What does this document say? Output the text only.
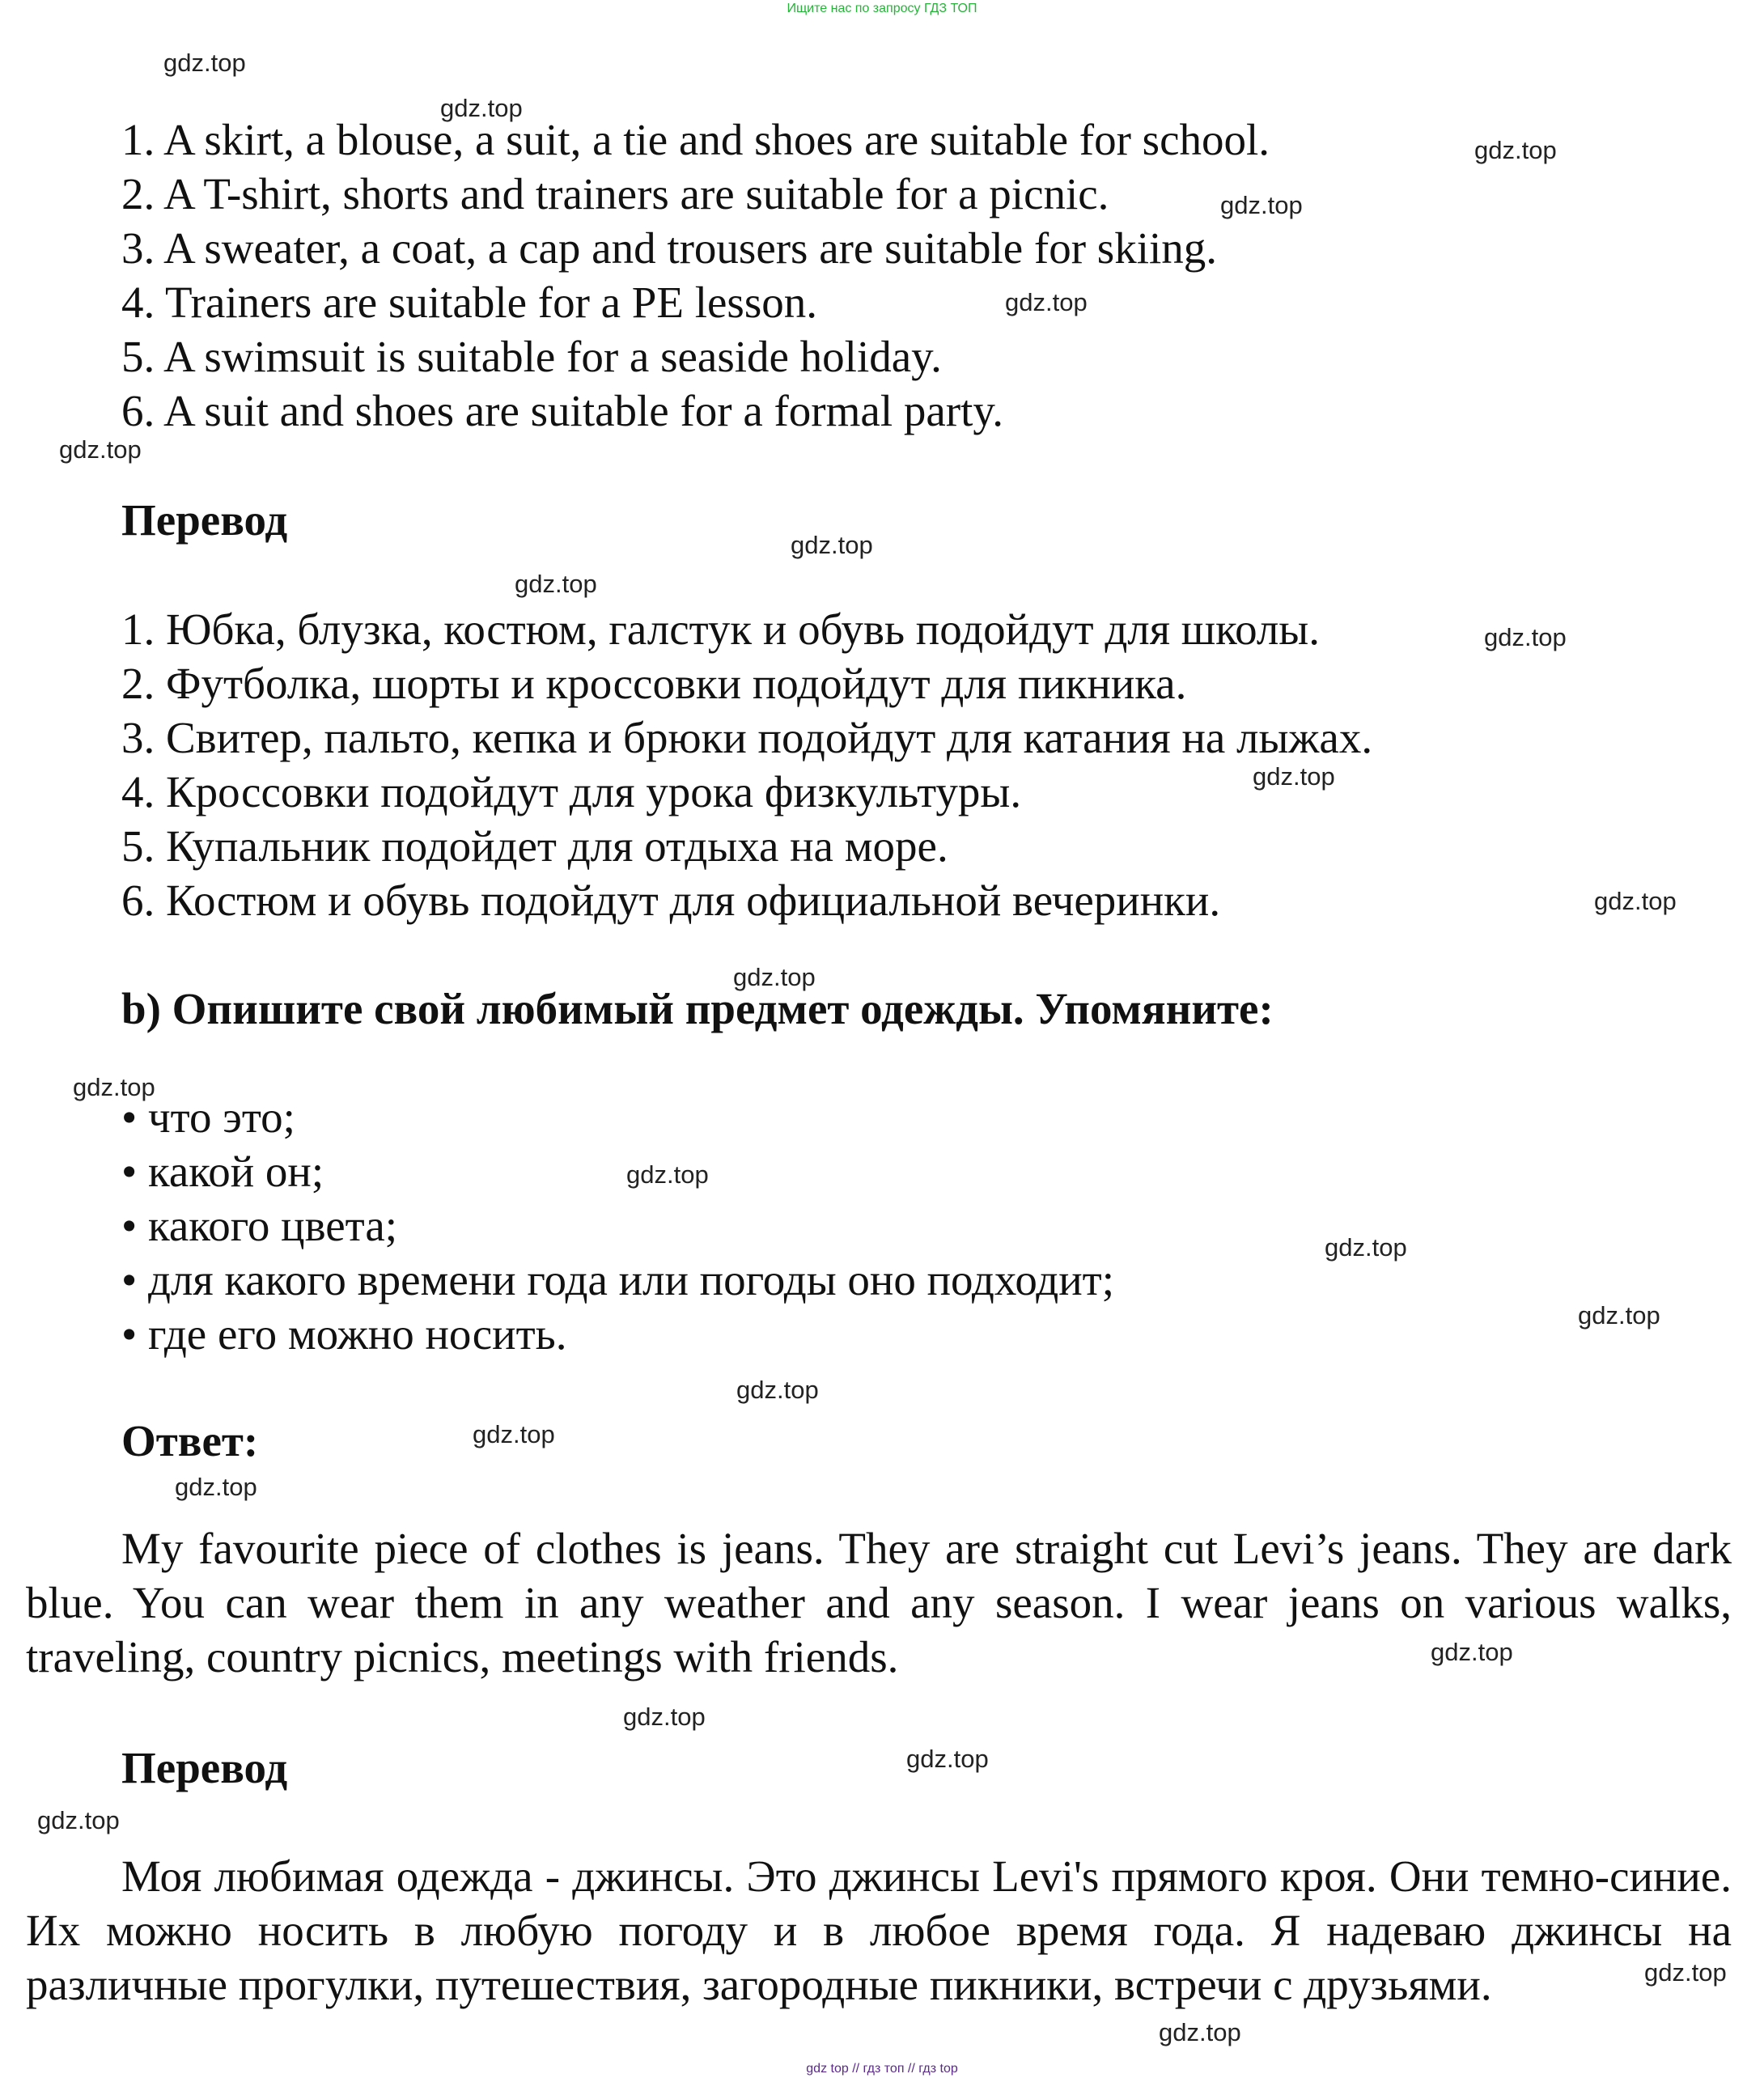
Ищите нас по запросу ГДЗ ТОП
1. A skirt, a blouse, a suit, a tie and shoes are suitable for school.
2. A T-shirt, shorts and trainers are suitable for a picnic.
3. A sweater, a coat, a cap and trousers are suitable for skiing.
4. Trainers are suitable for a PE lesson.
5. A swimsuit is suitable for a seaside holiday.
6. A suit and shoes are suitable for a formal party.
Перевод
1. Юбка, блузка, костюм, галстук и обувь подойдут для школы.
2. Футболка, шорты и кроссовки подойдут для пикника.
3. Свитер, пальто, кепка и брюки подойдут для катания на лыжах.
4. Кроссовки подойдут для урока физкультуры.
5. Купальник подойдет для отдыха на море.
6. Костюм и обувь подойдут для официальной вечеринки.
b) Опишите свой любимый предмет одежды. Упомяните:
• что это;
• какой он;
• какого цвета;
• для какого времени года или погоды оно подходит;
• где его можно носить.
Ответ:
My favourite piece of clothes is jeans. They are straight cut Levi’s jeans. They are dark blue. You can wear them in any weather and any season. I wear jeans on various walks, traveling, country picnics, meetings with friends.
Перевод
Моя любимая одежда - джинсы. Это джинсы Levi's прямого кроя. Они темно-синие. Их можно носить в любую погоду и в любое время года. Я надеваю джинсы на различные прогулки, путешествия, загородные пикники, встречи с друзьями.
gdz.top
gdz.top
gdz.top
gdz.top
gdz.top
gdz.top
gdz.top
gdz.top
gdz.top
gdz.top
gdz.top
gdz.top
gdz.top
gdz.top
gdz.top
gdz.top
gdz.top
gdz.top
gdz.top
gdz.top
gdz.top
gdz.top
gdz.top
gdz.top
gdz.top
gdz top // гдз топ // гдз top
